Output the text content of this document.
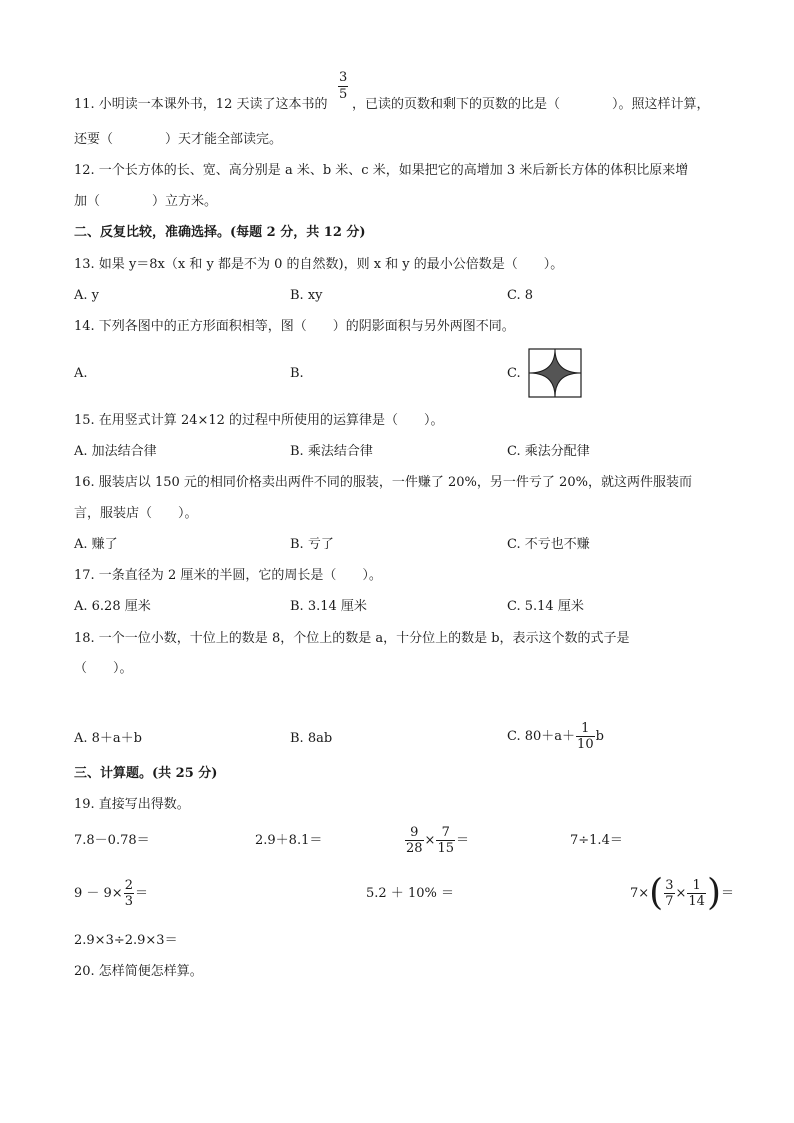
$\frac{3}{5}$
11. 小明读一本课外书，12 天读了这本书的 ，已读的页数和剩下的页数的比是（　　　　）。照这样计算，
还要（　　　　）天才能全部读完。
12. 一个长方体的长、宽、高分别是 a 米、b 米、c 米，如果把它的高增加 3 米后新长方体的体积比原来增
加（　　　　）立方米。
二、反复比较，准确选择。(每题 2 分，共 12 分)
13. 如果 y＝8x（x 和 y 都是不为 0 的自然数)，则 x 和 y 的最小公倍数是（　　）。
A. y	B. xy	C. 8
14. 下列各图中的正方形面积相等，图（　　）的阴影面积与另外两图不同。
A.	B.	C.
15. 在用竖式计算 24×12 的过程中所使用的运算律是（　　）。
A. 加法结合律	B. 乘法结合律	C. 乘法分配律
16. 服装店以 150 元的相同价格卖出两件不同的服装，一件赚了 20%，另一件亏了 20%，就这两件服装而
言，服装店（　　）。
A. 赚了	B. 亏了	C. 不亏也不赚
17. 一条直径为 2 厘米的半圆，它的周长是（　　）。
A. 6.28 厘米	B. 3.14 厘米	C. 5.14 厘米
18. 一个一位小数，十位上的数是 8，个位上的数是 a，十分位上的数是 b，表示这个数的式子是
（　　）。
A. 8＋a＋b	B. 8ab	C. $80+a+ \frac{1}{10}$ b
三、计算题。(共 25 分)
19. 直接写出得数。
7.8－0.78＝	2.9＋8.1＝	$\frac{9}{28} \times \frac{7}{15}$ ＝	7÷1.4＝
$9 - 9\times \frac{2}{3}$ ＝	5.2 ＋ 10% ＝	$7\times( \frac{3}{7} \times \frac{1}{14}$ )＝
2.9×3÷2.9×3＝
20. 怎样简便怎样算。
